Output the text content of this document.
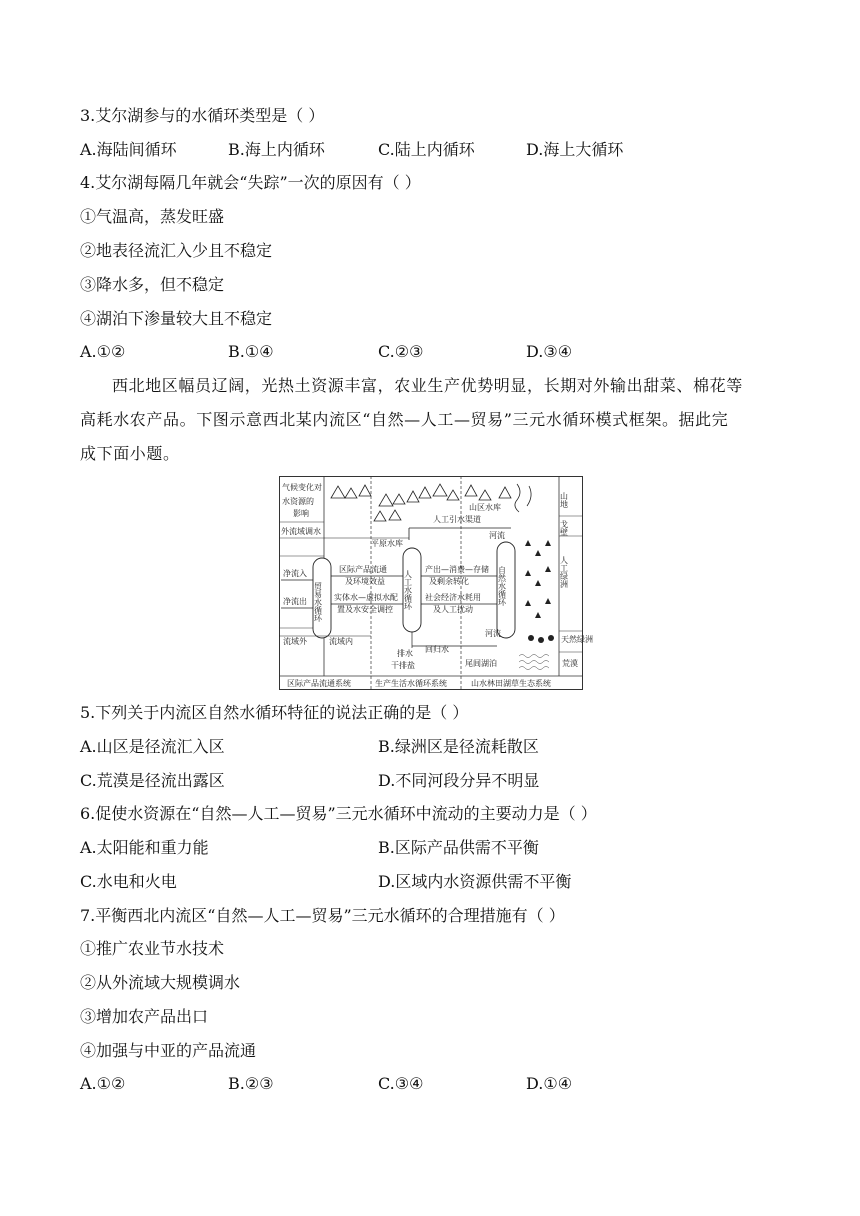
3.艾尔湖参与的水循环类型是（ ）
A.海陆间循环	B.海上内循环	C.陆上内循环	D.海上大循环
4.艾尔湖每隔几年就会“失踪”一次的原因有（ ）
①气温高，蒸发旺盛
②地表径流汇入少且不稳定
③降水多，但不稳定
④湖泊下渗量较大且不稳定
A.①②	B.①④	C.②③	D.③④

西北地区幅员辽阔，光热土资源丰富，农业生产优势明显，长期对外输出甜菜、棉花等

高耗水农产品。下图示意西北某内流区“自然—人工—贸易”三元水循环模式框架。据此完

成下面小题。

气候变化对
水资源的
影响
外流域调水
山区水库
人工引水渠道
平原水库
河流
贸易水循环	人工水循环	自然水循环
净流入
净流出
流域外
区际产品流通
及环境效益
实体水—虚拟水配
置及水安全调控
产出—消费—存储
及剩余转化
社会经济水耗用
及人工扰动
流域内
河流
回归水
排水
干排盐	尾闾湖泊
山地
戈壁
人工绿洲
天然绿洲
荒漠
区际产品流通系统	生产生活水循环系统	山水林田湖草生态系统
5.下列关于内流区自然水循环特征的说法正确的是（ ）
A.山区是径流汇入区	B.绿洲区是径流耗散区
C.荒漠是径流出露区	D.不同河段分异不明显
6.促使水资源在“自然—人工—贸易”三元水循环中流动的主要动力是（ ）
A.太阳能和重力能	B.区际产品供需不平衡
C.水电和火电	D.区域内水资源供需不平衡
7.平衡西北内流区“自然—人工—贸易”三元水循环的合理措施有（ ）
①推广农业节水技术
②从外流域大规模调水
③增加农产品出口
④加强与中亚的产品流通
A.①②	B.②③	C.③④	D.①④
